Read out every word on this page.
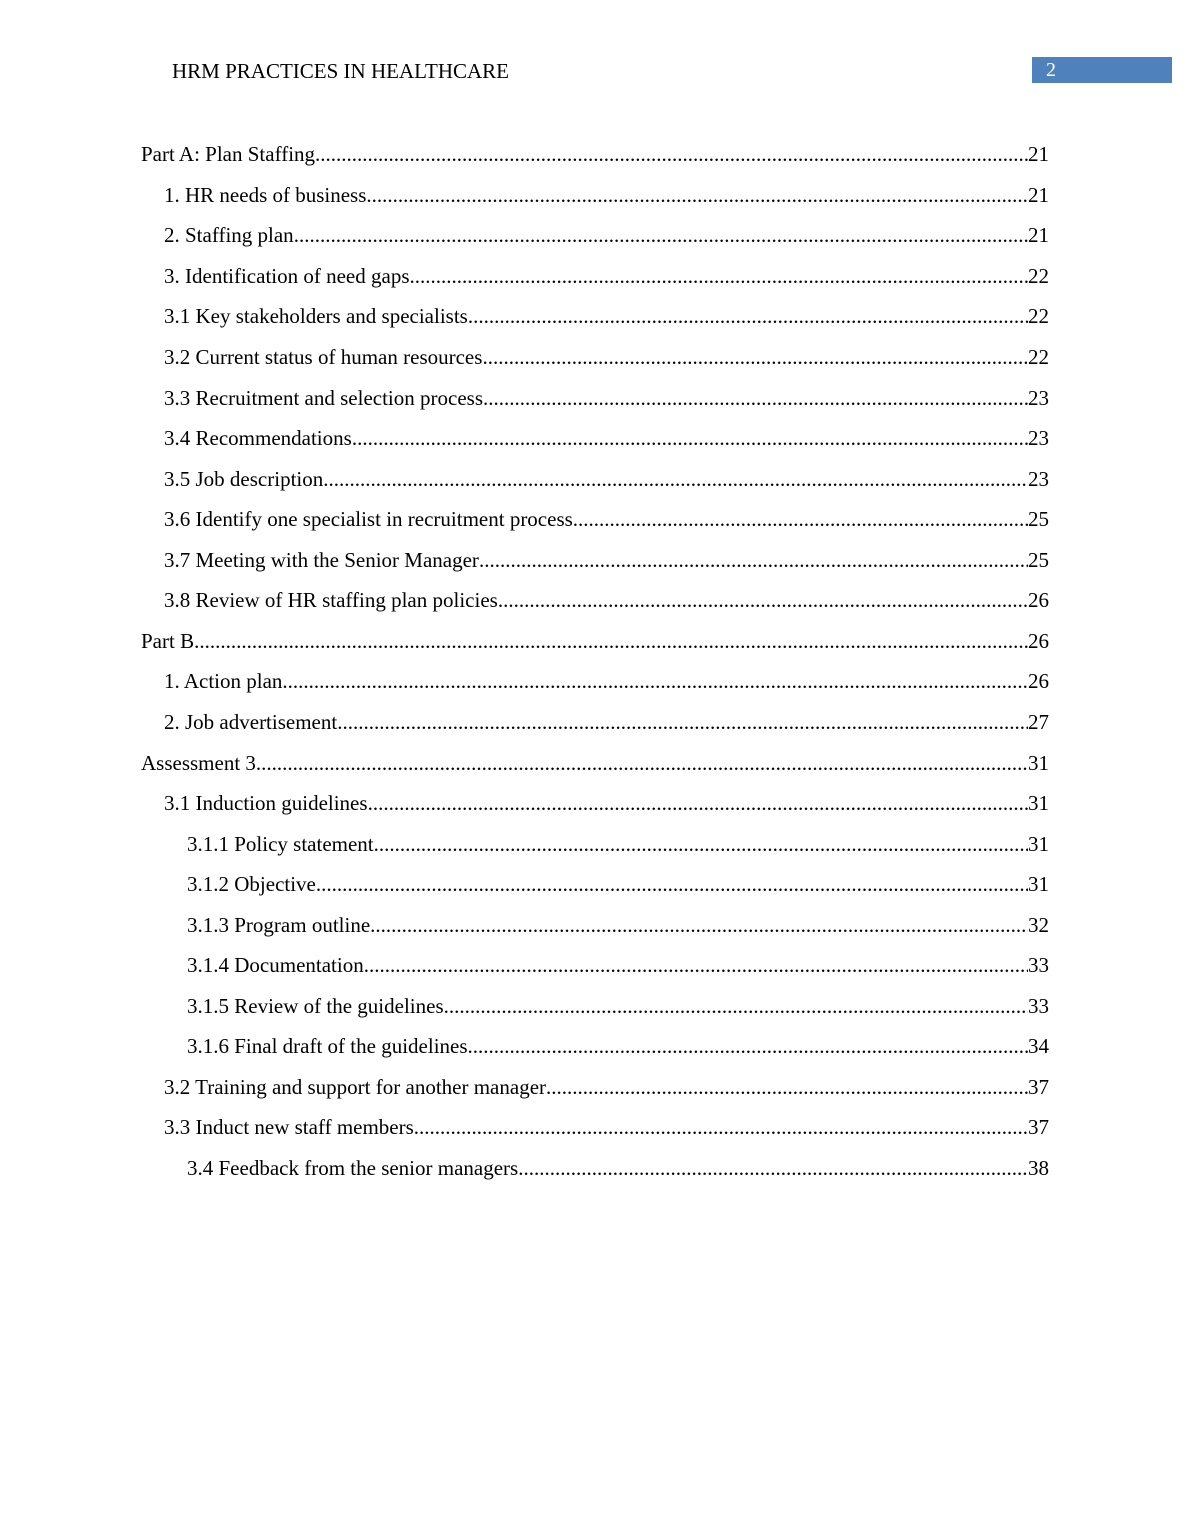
HRM PRACTICES IN HEALTHCARE	2
Part A: Plan Staffing .....	21
1. HR needs of business .....	21
2. Staffing plan .....	21
3. Identification of need gaps .....	22
3.1 Key stakeholders and specialists .....	22
3.2 Current status of human resources .....	22
3.3 Recruitment and selection process .....	23
3.4 Recommendations .....	23
3.5 Job description .....	23
3.6 Identify one specialist in recruitment process .....	25
3.7 Meeting with the Senior Manager .....	25
3.8 Review of HR staffing plan policies .....	26
Part B .....	26
1. Action plan .....	26
2. Job advertisement .....	27
Assessment 3 .....	31
3.1 Induction guidelines .....	31
3.1.1 Policy statement .....	31
3.1.2 Objective .....	31
3.1.3 Program outline .....	32
3.1.4 Documentation .....	33
3.1.5 Review of the guidelines .....	33
3.1.6 Final draft of the guidelines .....	34
3.2 Training and support for another manager .....	37
3.3 Induct new staff members .....	37
3.4 Feedback from the senior managers .....	38
